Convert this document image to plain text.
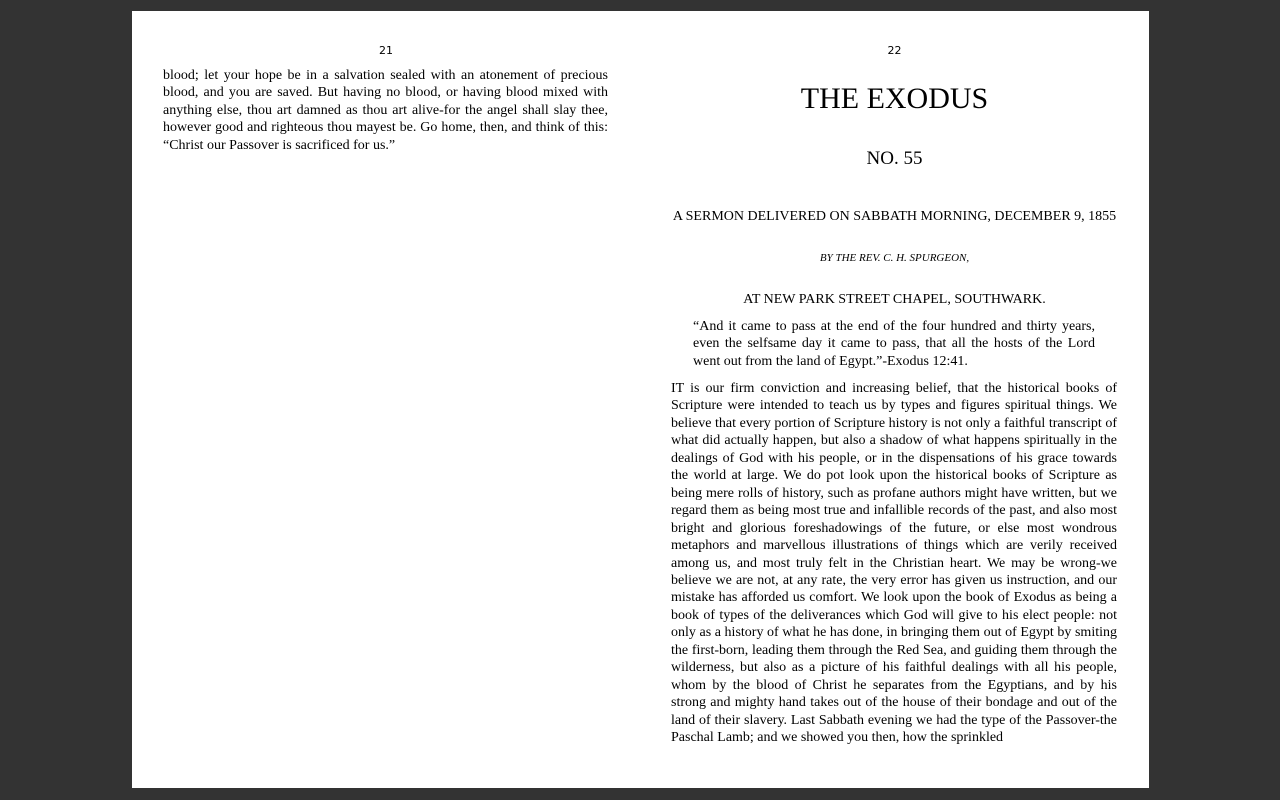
21
blood; let your hope be in a salvation sealed with an atonement of precious blood, and you are saved. But having no blood, or having blood mixed with anything else, thou art damned as thou art alive-for the angel shall slay thee, however good and righteous thou mayest be. Go home, then, and think of this: “Christ our Passover is sacrificed for us.”
22
THE EXODUS
NO. 55
A SERMON DELIVERED ON SABBATH MORNING, DECEMBER 9, 1855
BY THE REV. C. H. SPURGEON,
AT NEW PARK STREET CHAPEL, SOUTHWARK.
“And it came to pass at the end of the four hundred and thirty years, even the selfsame day it came to pass, that all the hosts of the Lord went out from the land of Egypt.”-Exodus 12:41.
IT is our firm conviction and increasing belief, that the historical books of Scripture were intended to teach us by types and figures spiritual things. We believe that every portion of Scripture history is not only a faithful transcript of what did actually happen, but also a shadow of what happens spiritually in the dealings of God with his people, or in the dispensations of his grace towards the world at large. We do pot look upon the historical books of Scripture as being mere rolls of history, such as profane authors might have written, but we regard them as being most true and infallible records of the past, and also most bright and glorious foreshadowings of the future, or else most wondrous metaphors and marvellous illustrations of things which are verily received among us, and most truly felt in the Christian heart. We may be wrong-we believe we are not, at any rate, the very error has given us instruction, and our mistake has afforded us comfort. We look upon the book of Exodus as being a book of types of the deliverances which God will give to his elect people: not only as a history of what he has done, in bringing them out of Egypt by smiting the first-born, leading them through the Red Sea, and guiding them through the wilderness, but also as a picture of his faithful dealings with all his people, whom by the blood of Christ he separates from the Egyptians, and by his strong and mighty hand takes out of the house of their bondage and out of the land of their slavery. Last Sabbath evening we had the type of the Passover-the Paschal Lamb; and we showed you then, how the sprinkled
